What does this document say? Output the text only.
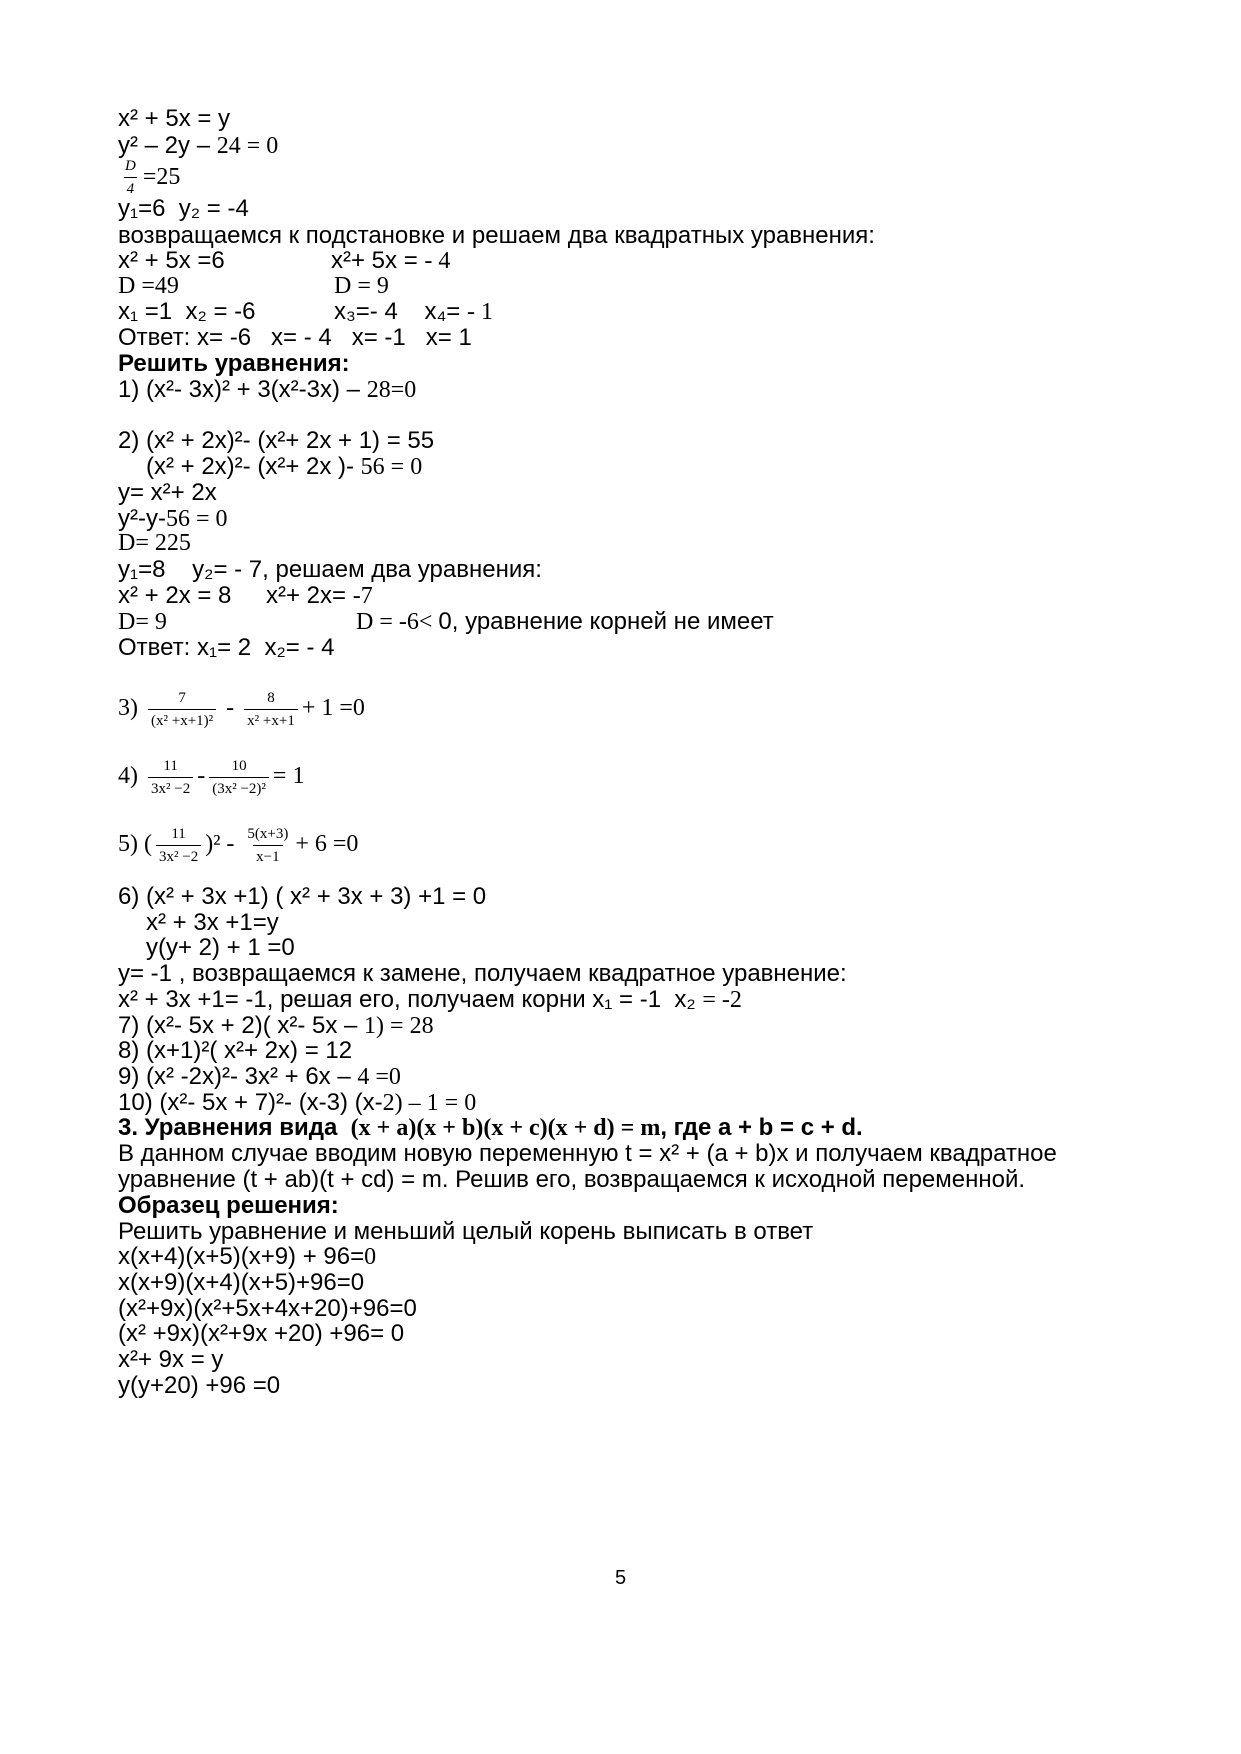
x² + 5x = y
y² – 2y – 24 = 0
$\frac{D}{4} =25$
y₁=6  y₂ = -4
возвращаемся к подстановке и решаем два квадратных уравнения:
x² + 5x =6	x²+ 5x = - 4
D =49	D = 9
x₁ =1  x₂ = -6	x₃=- 4    x₄= - 1
Ответ: x= -6   x= - 4   x= -1   x= 1
Решить уравнения:
1) (x²- 3x)² + 3(x²-3x) – 28=0
2) (x² + 2x)²- (x²+ 2x + 1) = 55
(x² + 2x)²- (x²+ 2x )- 56 = 0
y= x²+ 2x
y²-y-56 = 0
D= 225
y₁=8    y₂= - 7, решаем два уравнения:
x² + 2x = 8 x²+ 2x= -7
D= 9	D = -6< 0, уравнение корней не имеет
Ответ: x₁= 2  x₂= - 4
$3) \frac{7}{\text{(x² +x+1)²}} - \frac{8}{\text{x² +x+1}} + 1 =0$
$4) \frac{11}{\text{3x² −2}} - \frac{10}{\text{(3x² −2)²}} = 1$
5) ( $\frac{11}{\text{3x² −2}} )^2 - \frac{5(x+3)}{x-1} + 6 =0$
6) (x² + 3x +1) ( x² + 3x + 3) +1 = 0
x² + 3x +1=y
y(y+ 2) + 1 =0
y= -1 , возвращаемся к замене, получаем квадратное уравнение:
x² + 3x +1= -1, решая его, получаем корни x₁ = -1  x₂ = -2
7) (x²- 5x + 2)( x²- 5x – 1) = 28
8) (x+1)²( x²+ 2x) = 12
9) (x² -2x)²- 3x² + 6x – 4 =0
10) (x²- 5x + 7)²- (x-3) (x-2) – 1 = 0
3. Уравнения вида  (x + a)(x + b)(x + c)(x + d) = m, где a + b = c + d.
В данном случае вводим новую переменную t = x² + (a + b)x и получаем квадратное
уравнение (t + ab)(t + cd) = m. Решив его, возвращаемся к исходной переменной.
Образец решения:
Решить уравнение и меньший целый корень выписать в ответ
x(x+4)(x+5)(x+9) + 96=0
x(x+9)(x+4)(x+5)+96=0
(x²+9x)(x²+5x+4x+20)+96=0
(x² +9x)(x²+9x +20) +96= 0
x²+ 9x = y
y(y+20) +96 =0
5
